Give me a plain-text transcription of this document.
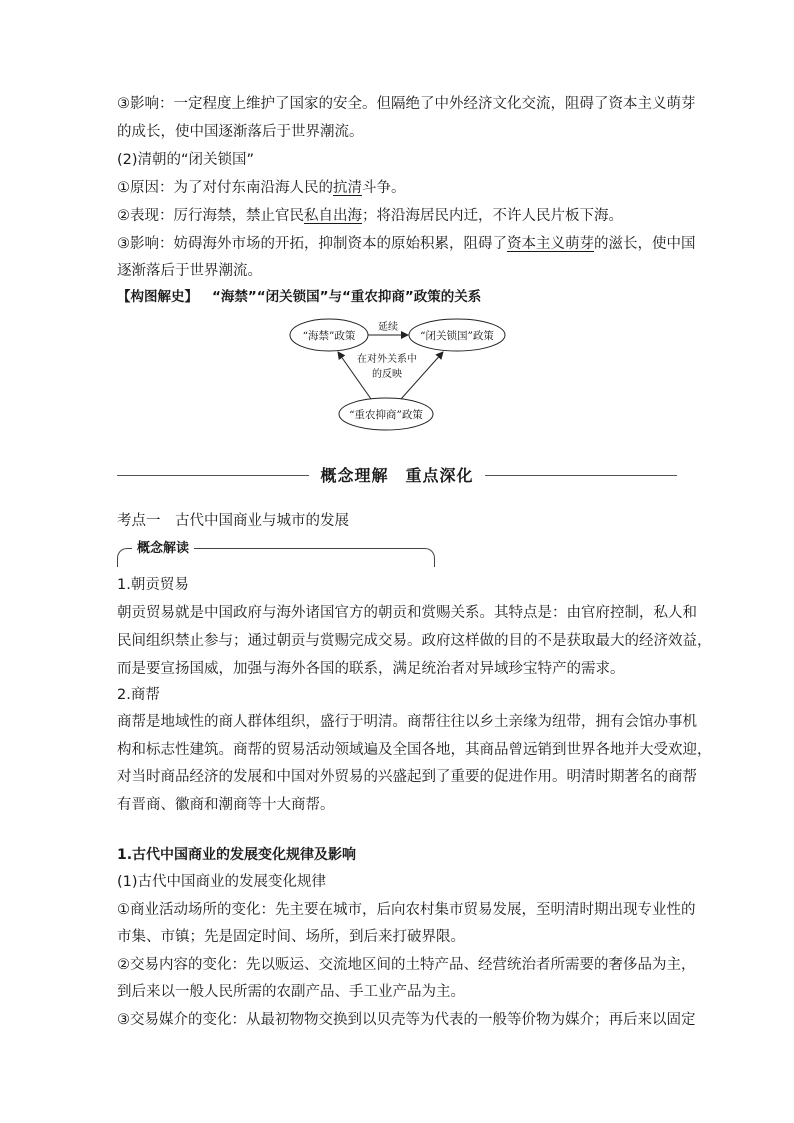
③影响：一定程度上维护了国家的安全。但隔绝了中外经济文化交流，阻碍了资本主义萌芽
的成长，使中国逐渐落后于世界潮流。
(2)清朝的“闭关锁国”
①原因：为了对付东南沿海人民的抗清斗争。
②表现：厉行海禁，禁止官民私自出海；将沿海居民内迁，不许人民片板下海。
③影响：妨碍海外市场的开拓，抑制资本的原始积累，阻碍了资本主义萌芽的滋长，使中国
逐渐落后于世界潮流。
【构图解史】 “海禁”“闭关锁国”与“重农抑商”政策的关系
“海禁”政策	“闭关锁国”政策
“重农抑商”政策
延续
在对外关系中
的反映
概念理解　重点深化
考点一　古代中国商业与城市的发展
概念解读
1.朝贡贸易
朝贡贸易就是中国政府与海外诸国官方的朝贡和赏赐关系。其特点是：由官府控制，私人和
民间组织禁止参与；通过朝贡与赏赐完成交易。政府这样做的目的不是获取最大的经济效益，
而是要宣扬国威，加强与海外各国的联系，满足统治者对异域珍宝特产的需求。
2.商帮
商帮是地域性的商人群体组织，盛行于明清。商帮往往以乡土亲缘为纽带，拥有会馆办事机
构和标志性建筑。商帮的贸易活动领域遍及全国各地，其商品曾远销到世界各地并大受欢迎，
对当时商品经济的发展和中国对外贸易的兴盛起到了重要的促进作用。明清时期著名的商帮
有晋商、徽商和潮商等十大商帮。
1.古代中国商业的发展变化规律及影响
(1)古代中国商业的发展变化规律
①商业活动场所的变化：先主要在城市，后向农村集市贸易发展，至明清时期出现专业性的
市集、市镇；先是固定时间、场所，到后来打破界限。
②交易内容的变化：先以贩运、交流地区间的土特产品、经营统治者所需要的奢侈品为主，
到后来以一般人民所需的农副产品、手工业产品为主。
③交易媒介的变化：从最初物物交换到以贝壳等为代表的一般等价物为媒介；再后来以固定
